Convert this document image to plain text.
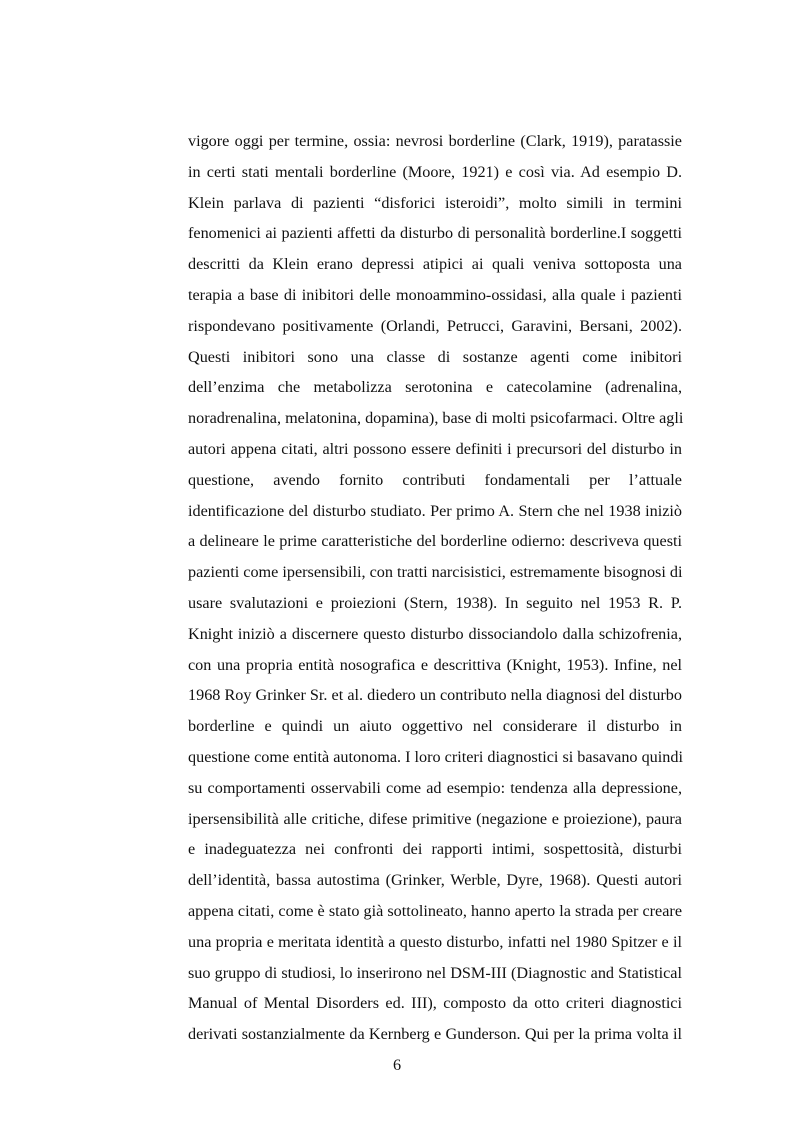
vigore oggi per termine, ossia: nevrosi borderline (Clark, 1919), paratassie
in certi stati mentali borderline (Moore, 1921) e così via. Ad esempio D.
Klein parlava di pazienti “disforici isteroidi”, molto simili in termini
fenomenici ai pazienti affetti da disturbo di personalità borderline.I soggetti
descritti da Klein erano depressi atipici ai quali veniva sottoposta una
terapia a base di inibitori delle monoammino-ossidasi, alla quale i pazienti
rispondevano positivamente (Orlandi, Petrucci, Garavini, Bersani, 2002).
Questi inibitori sono una classe di sostanze agenti come inibitori
dell’enzima che metabolizza serotonina e catecolamine (adrenalina,
noradrenalina, melatonina, dopamina), base di molti psicofarmaci. Oltre agli
autori appena citati, altri possono essere definiti i precursori del disturbo in
questione, avendo fornito contributi fondamentali per l’attuale
identificazione del disturbo studiato. Per primo A. Stern che nel 1938 iniziò
a delineare le prime caratteristiche del borderline odierno: descriveva questi
pazienti come ipersensibili, con tratti narcisistici, estremamente bisognosi di
usare svalutazioni e proiezioni (Stern, 1938). In seguito nel 1953 R. P.
Knight iniziò a discernere questo disturbo dissociandolo dalla schizofrenia,
con una propria entità nosografica e descrittiva (Knight, 1953). Infine, nel
1968 Roy Grinker Sr. et al. diedero un contributo nella diagnosi del disturbo
borderline e quindi un aiuto oggettivo nel considerare il disturbo in
questione come entità autonoma. I loro criteri diagnostici si basavano quindi
su comportamenti osservabili come ad esempio: tendenza alla depressione,
ipersensibilità alle critiche, difese primitive (negazione e proiezione), paura
e inadeguatezza nei confronti dei rapporti intimi, sospettosità, disturbi
dell’identità, bassa autostima (Grinker, Werble, Dyre, 1968). Questi autori
appena citati, come è stato già sottolineato, hanno aperto la strada per creare
una propria e meritata identità a questo disturbo, infatti nel 1980 Spitzer e il
suo gruppo di studiosi, lo inserirono nel DSM-III (Diagnostic and Statistical
Manual of Mental Disorders ed. III), composto da otto criteri diagnostici
derivati sostanzialmente da Kernberg e Gunderson. Qui per la prima volta il
6
